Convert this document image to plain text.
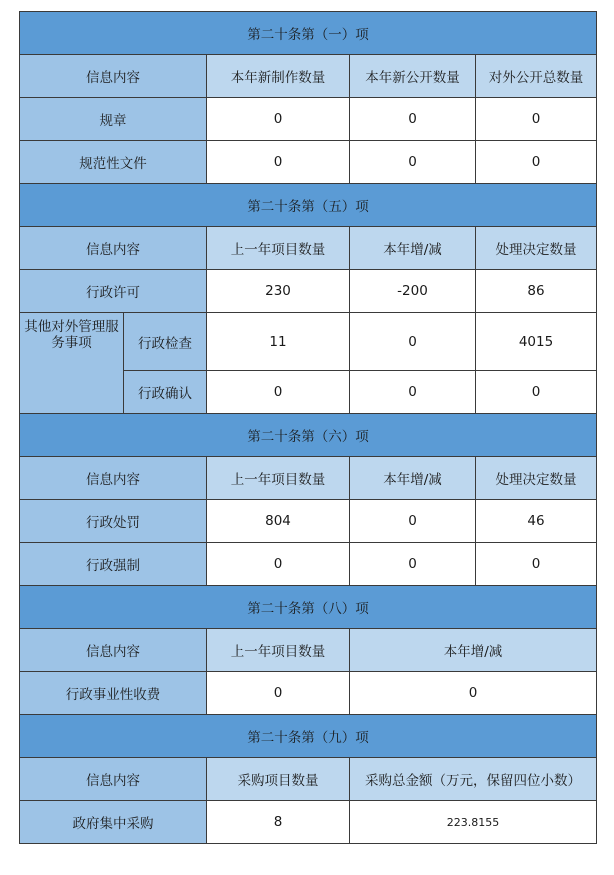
第二十条第（一）项				
信息内容		本年新制作数量	本年新公开数量	对外公开总数量
规章		0	0	0
规范性文件		0	0	0
第二十条第（五）项				
信息内容		上一年项目数量	本年增/减	处理决定数量
行政许可		230	-200	86
其他对外管理服务事项	行政检查	11	0	4015
	行政确认	0	0	0
第二十条第（六）项				
信息内容		上一年项目数量	本年增/减	处理决定数量
行政处罚		804	0	46
行政强制		0	0	0
第二十条第（八）项				
信息内容		上一年项目数量	本年增/减	
行政事业性收费		0	0	
第二十条第（九）项				
信息内容		采购项目数量	采购总金额（万元，保留四位小数）	
政府集中采购		8	223.8155	
